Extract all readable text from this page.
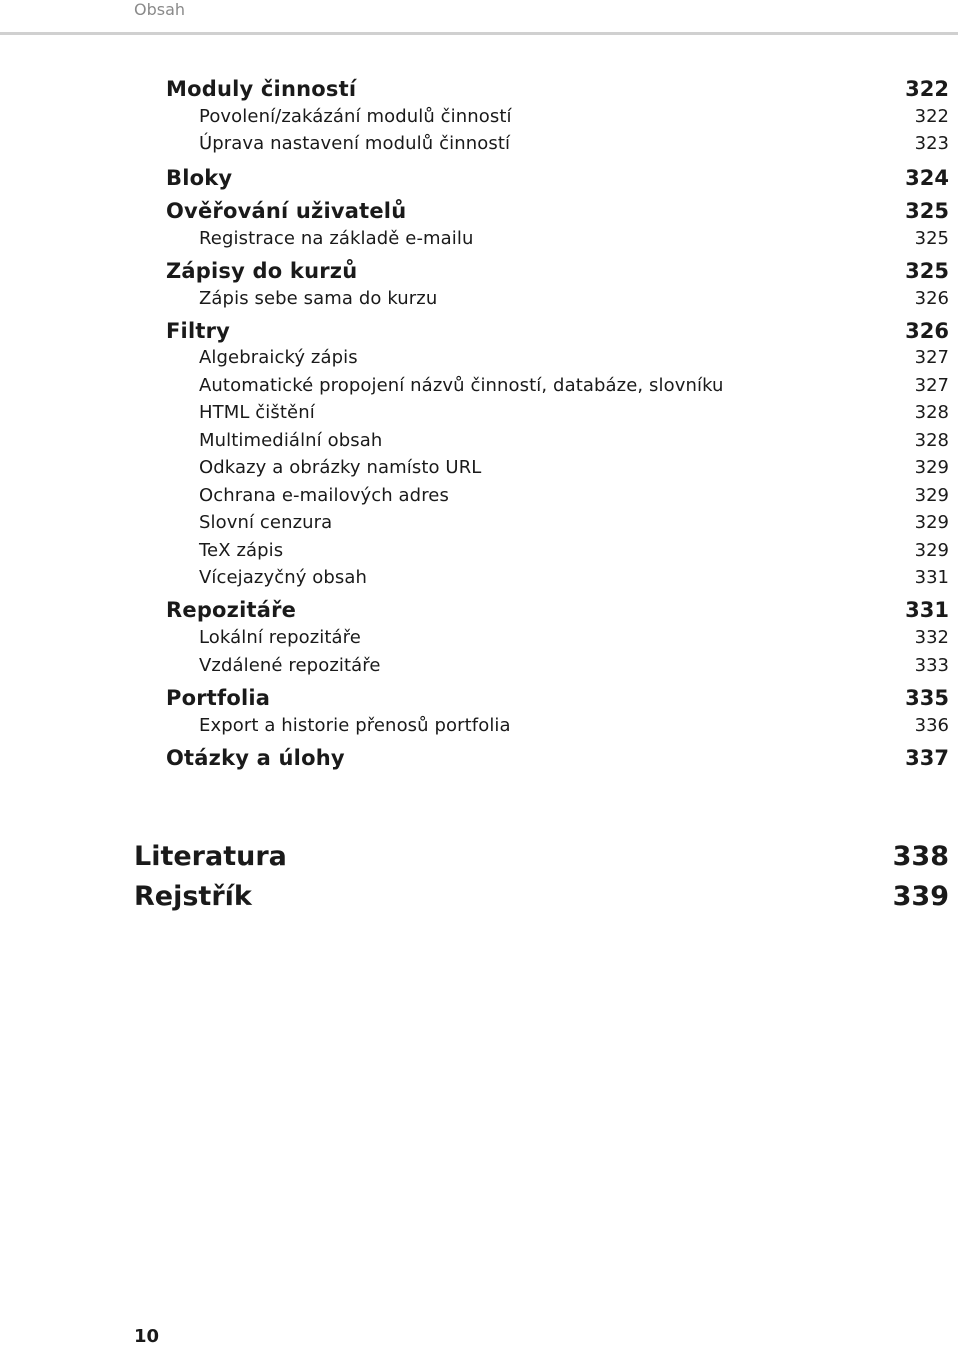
Obsah
Moduly činností	322
Povolení/zakázání modulů činností	322
Úprava nastavení modulů činností	323
Bloky	324
Ověřování uživatelů	325
Registrace na základě e-mailu	325
Zápisy do kurzů	325
Zápis sebe sama do kurzu	326
Filtry	326
Algebraický zápis	327
Automatické propojení názvů činností, databáze, slovníku	327
HTML čištění	328
Multimediální obsah	328
Odkazy a obrázky namísto URL	329
Ochrana e-mailových adres	329
Slovní cenzura	329
TeX zápis	329
Vícejazyčný obsah	331
Repozitáře	331
Lokální repozitáře	332
Vzdálené repozitáře	333
Portfolia	335
Export a historie přenosů portfolia	336
Otázky a úlohy	337
Literatura	338
Rejstřík	339
10
